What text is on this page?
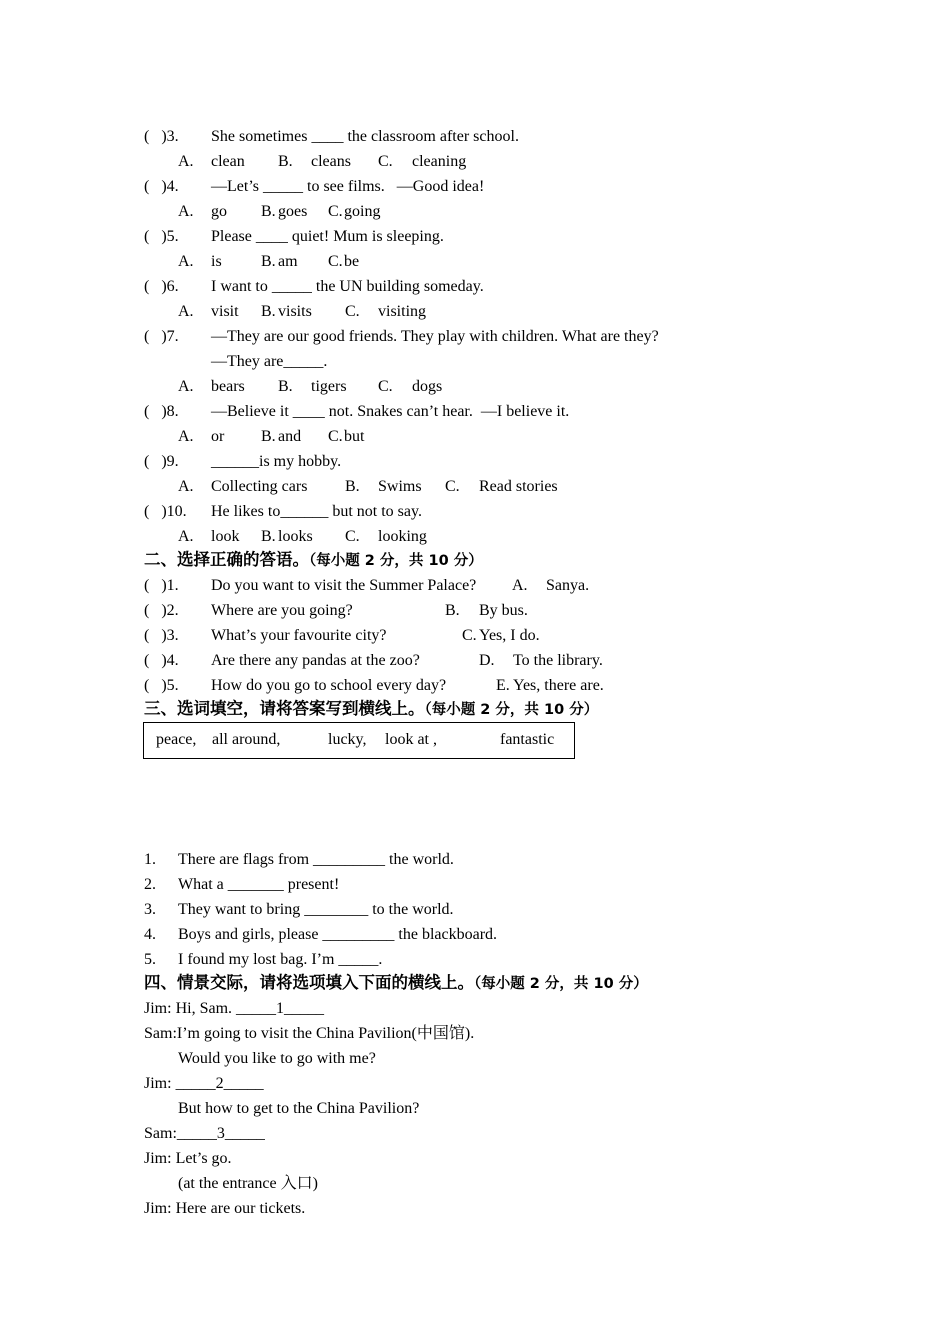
(   )3. She sometimes ____ the classroom after school.
A. clean B. cleans C. cleaning
(   )4. —Let’s _____ to see films.   —Good idea!
A. go B. goes C. going
(   )5. Please ____ quiet! Mum is sleeping.
A. is B. am C. be
(   )6. I want to _____ the UN building someday.
A. visit B. visits C. visiting
(   )7. —They are our good friends. They play with children. What are they?
—They are_____.
A. bears B. tigers C. dogs
(   )8. —Believe it ____ not. Snakes can’t hear.  —I believe it.
A. or B. and C. but
(   )9. ______is my hobby.
A. Collecting cars B. Swims C. Read stories
(   )10. He likes to______ but not to say.
A. look B. looks C. looking
二、选择正确的答语。（每小题 2 分，共 10 分）
(   )1. Do you want to visit the Summer Palace? A. Sanya.
(   )2. Where are you going?	B. By bus.
(   )3. What’s your favourite city?	C. Yes, I do.
(   )4. Are there any pandas at the zoo?	D. To the library.
(   )5. How do you go to school every day?	E. Yes, there are.
三、选词填空，请将答案写到横线上。（每小题 2 分，共 10 分）
peace, all around,	lucky, look at ,	fantastic
1. There are flags from _________ the world.
2. What a _______ present!
3. They want to bring ________ to the world.
4. Boys and girls, please _________ the blackboard.
5. I found my lost bag. I’m _____.
四、情景交际，请将选项填入下面的横线上。（每小题 2 分，共 10 分）
Jim: Hi, Sam. _____1_____
Sam:I’m going to visit the China Pavilion(中国馆).
Would you like to go with me?
Jim: _____2_____
But how to get to the China Pavilion?
Sam:_____3_____
Jim: Let’s go.
(at the entrance 入口)
Jim: Here are our tickets.
